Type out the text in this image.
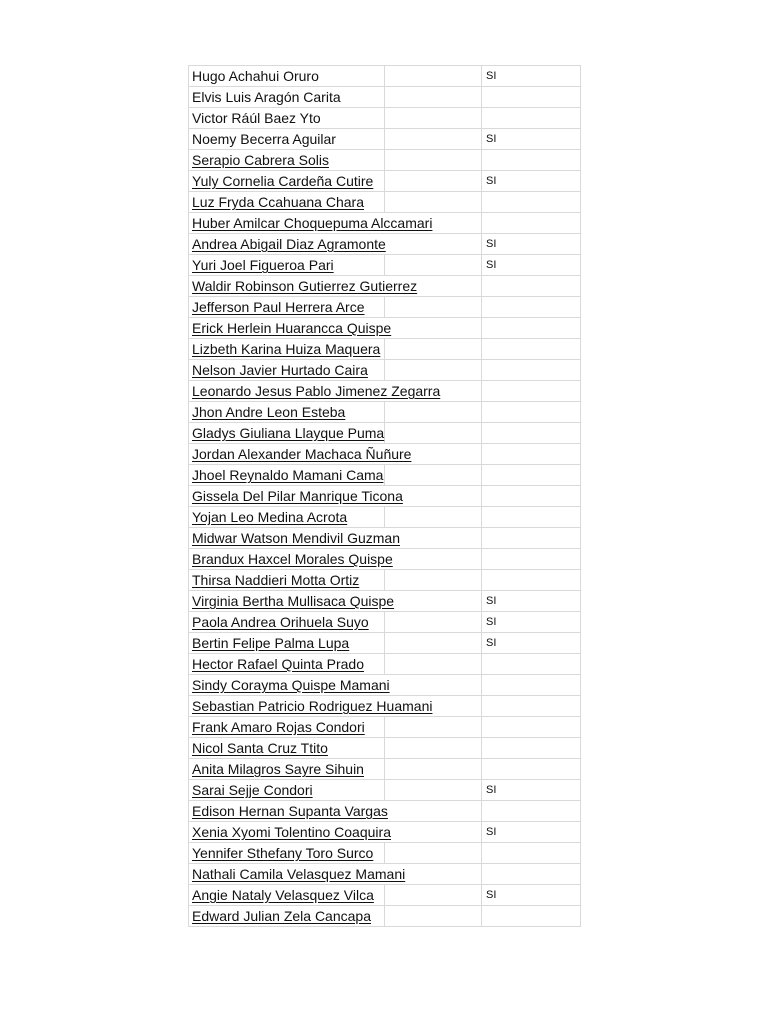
Hugo Achahui Oruro		SI
Elvis Luis Aragón Carita		
Victor Ráúl Baez Yto		
Noemy Becerra Aguilar		SI
Serapio Cabrera Solis		
Yuly Cornelia Cardeña Cutire		SI
Luz Fryda Ccahuana Chara		
Huber Amilcar Choquepuma Alccamari		
Andrea Abigail Diaz Agramonte		SI
Yuri Joel Figueroa Pari		SI
Waldir Robinson Gutierrez Gutierrez		
Jefferson Paul Herrera Arce		
Erick Herlein Huarancca Quispe		
Lizbeth Karina Huiza Maquera		
Nelson Javier Hurtado Caira		
Leonardo Jesus Pablo Jimenez Zegarra		
Jhon Andre Leon Esteba		
Gladys Giuliana Llayque Puma		
Jordan Alexander Machaca Ñuñure		
Jhoel Reynaldo Mamani Cama		
Gissela Del Pilar Manrique Ticona		
Yojan Leo Medina Acrota		
Midwar Watson Mendivil Guzman		
Brandux Haxcel Morales Quispe		
Thirsa Naddieri Motta Ortiz		
Virginia Bertha Mullisaca Quispe		SI
Paola Andrea Orihuela Suyo		SI
Bertin Felipe Palma Lupa		SI
Hector Rafael Quinta Prado		
Sindy Corayma Quispe Mamani		
Sebastian Patricio Rodriguez Huamani		
Frank Amaro Rojas Condori		
Nicol Santa Cruz Ttito		
Anita Milagros Sayre Sihuin		
Sarai Sejje Condori		SI
Edison Hernan Supanta Vargas		
Xenia Xyomi Tolentino Coaquira		SI
Yennifer Sthefany Toro Surco		
Nathali Camila Velasquez Mamani		
Angie Nataly Velasquez Vilca		SI
Edward Julian Zela Cancapa		
